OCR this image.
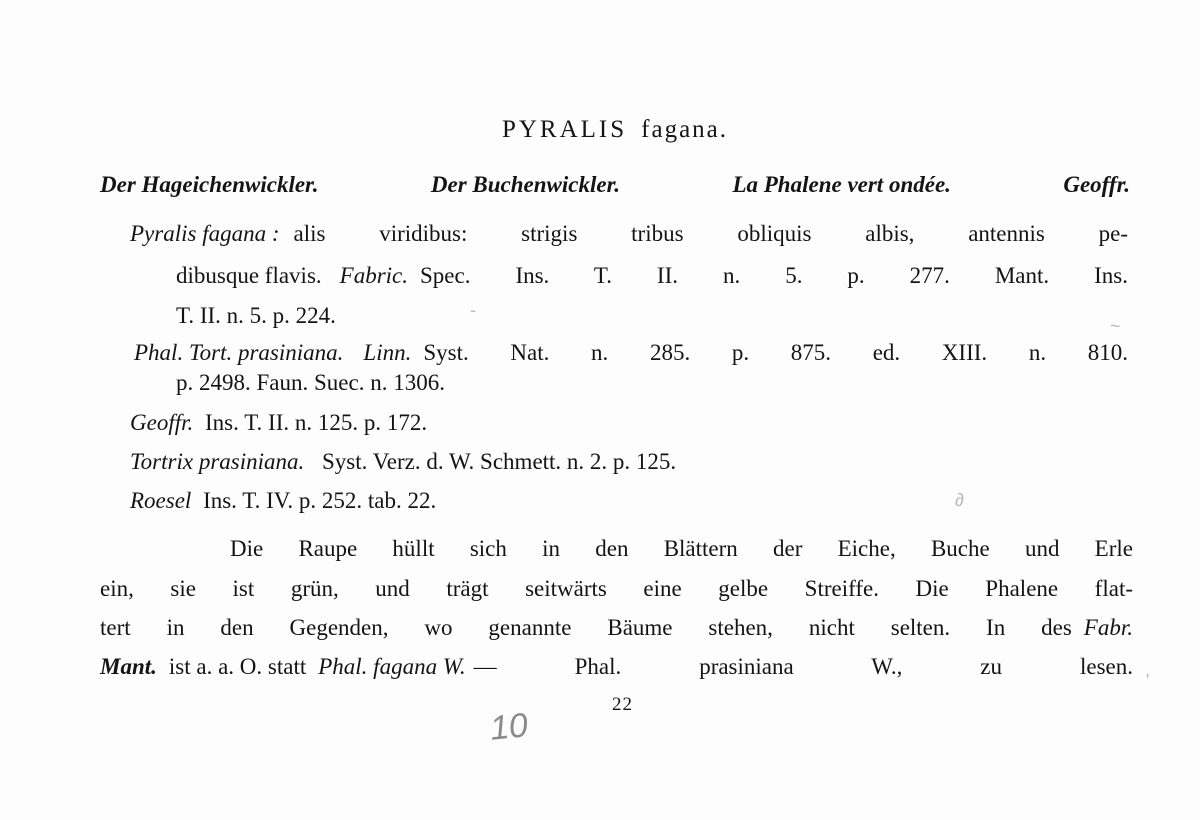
PYRALIS fagana.
Der Hageichenwickler.	Der Buchenwickler.	La Phalene vert ondée.	Geoffr.
Pyralis fagana : alis viridibus: strigis tribus obliquis albis, antennis pe-
dibusque flavis. Fabric. Spec. Ins. T. II. n. 5. p. 277. Mant. Ins.
T. II. n. 5. p. 224.
Phal. Tort. prasiniana. Linn. Syst. Nat. n. 285. p. 875. ed. XIII. n. 810.
p. 2498. Faun. Suec. n. 1306.
Geoffr. Ins. T. II. n. 125. p. 172.
Tortrix prasiniana. Syst. Verz. d. W. Schmett. n. 2. p. 125.
Roesel Ins. T. IV. p. 252. tab. 22.
Die Raupe hüllt sich in den Blättern der Eiche, Buche und Erle
ein, sie ist grün, und trägt seitwärts eine gelbe Streiffe. Die Phalene flat-
tert in den Gegenden, wo genannte Bäume stehen, nicht selten. In des Fabr.
Mant. ist a. a. O. statt Phal. fagana W. — Phal. prasiniana W., zu lesen.
22
10
-
~
∂
,
